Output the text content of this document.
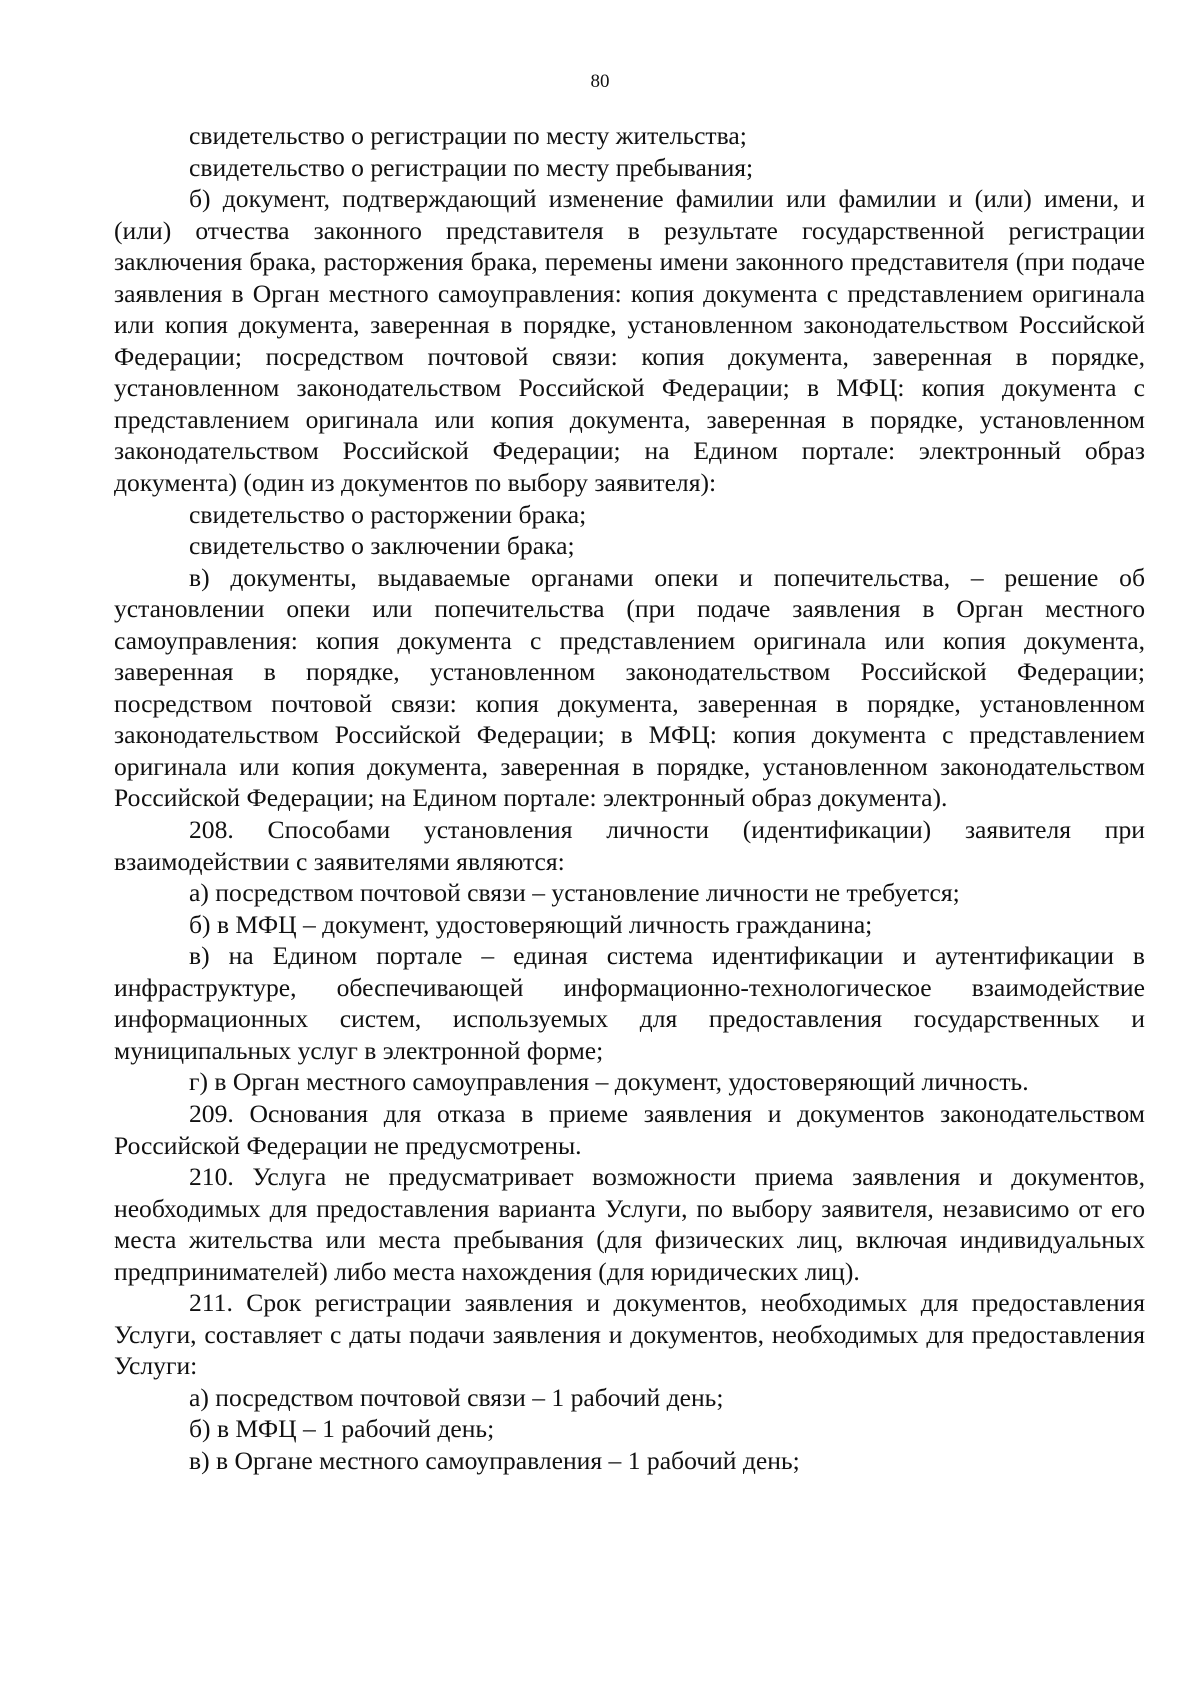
80

свидетельство о регистрации по месту жительства;

свидетельство о регистрации по месту пребывания;

б) документ, подтверждающий изменение фамилии или фамилии и (или) имени, и (или) отчества законного представителя в результате государственной регистрации заключения брака, расторжения брака, перемены имени законного представителя (при подаче заявления в Орган местного самоуправления: копия документа с представлением оригинала или копия документа, заверенная в порядке, установленном законодательством Российской Федерации; посредством почтовой связи: копия документа, заверенная в порядке, установленном законодательством Российской Федерации; в МФЦ: копия документа с представлением оригинала или копия документа, заверенная в порядке, установленном законодательством Российской Федерации; на Едином портале: электронный образ документа) (один из документов по выбору заявителя):

свидетельство о расторжении брака;

свидетельство о заключении брака;

в) документы, выдаваемые органами опеки и попечительства, – решение об установлении опеки или попечительства (при подаче заявления в Орган местного самоуправления: копия документа с представлением оригинала или копия документа, заверенная в порядке, установленном законодательством Российской Федерации; посредством почтовой связи: копия документа, заверенная в порядке, установленном законодательством Российской Федерации; в МФЦ: копия документа с представлением оригинала или копия документа, заверенная в порядке, установленном законодательством Российской Федерации; на Едином портале: электронный образ документа).

208. Способами установления личности (идентификации) заявителя при взаимодействии с заявителями являются:

а) посредством почтовой связи – установление личности не требуется;

б) в МФЦ – документ, удостоверяющий личность гражданина;

в) на Едином портале – единая система идентификации и аутентификации в инфраструктуре, обеспечивающей информационно-технологическое взаимодействие информационных систем, используемых для предоставления государственных и муниципальных услуг в электронной форме;

г) в Орган местного самоуправления – документ, удостоверяющий личность.

209. Основания для отказа в приеме заявления и документов законодательством Российской Федерации не предусмотрены.

210. Услуга не предусматривает возможности приема заявления и документов, необходимых для предоставления варианта Услуги, по выбору заявителя, независимо от его места жительства или места пребывания (для физических лиц, включая индивидуальных предпринимателей) либо места нахождения (для юридических лиц).

211. Срок регистрации заявления и документов, необходимых для предоставления Услуги, составляет с даты подачи заявления и документов, необходимых для предоставления Услуги:

а) посредством почтовой связи – 1 рабочий день;

б) в МФЦ – 1 рабочий день;

в) в Органе местного самоуправления – 1 рабочий день;
